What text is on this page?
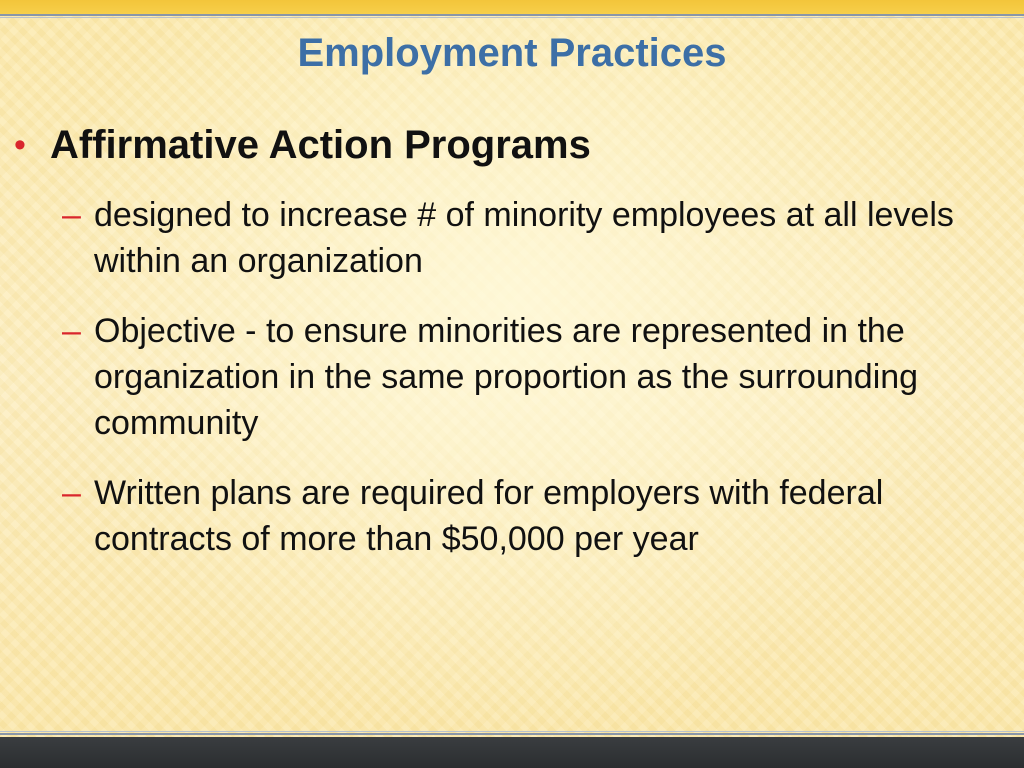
Employment Practices
• Affirmative Action Programs
– designed to increase # of minority employees at all levels within an organization
– Objective - to ensure minorities are represented in the organization in the same proportion as the surrounding community
– Written plans are required for employers with federal contracts of more than $50,000 per year
